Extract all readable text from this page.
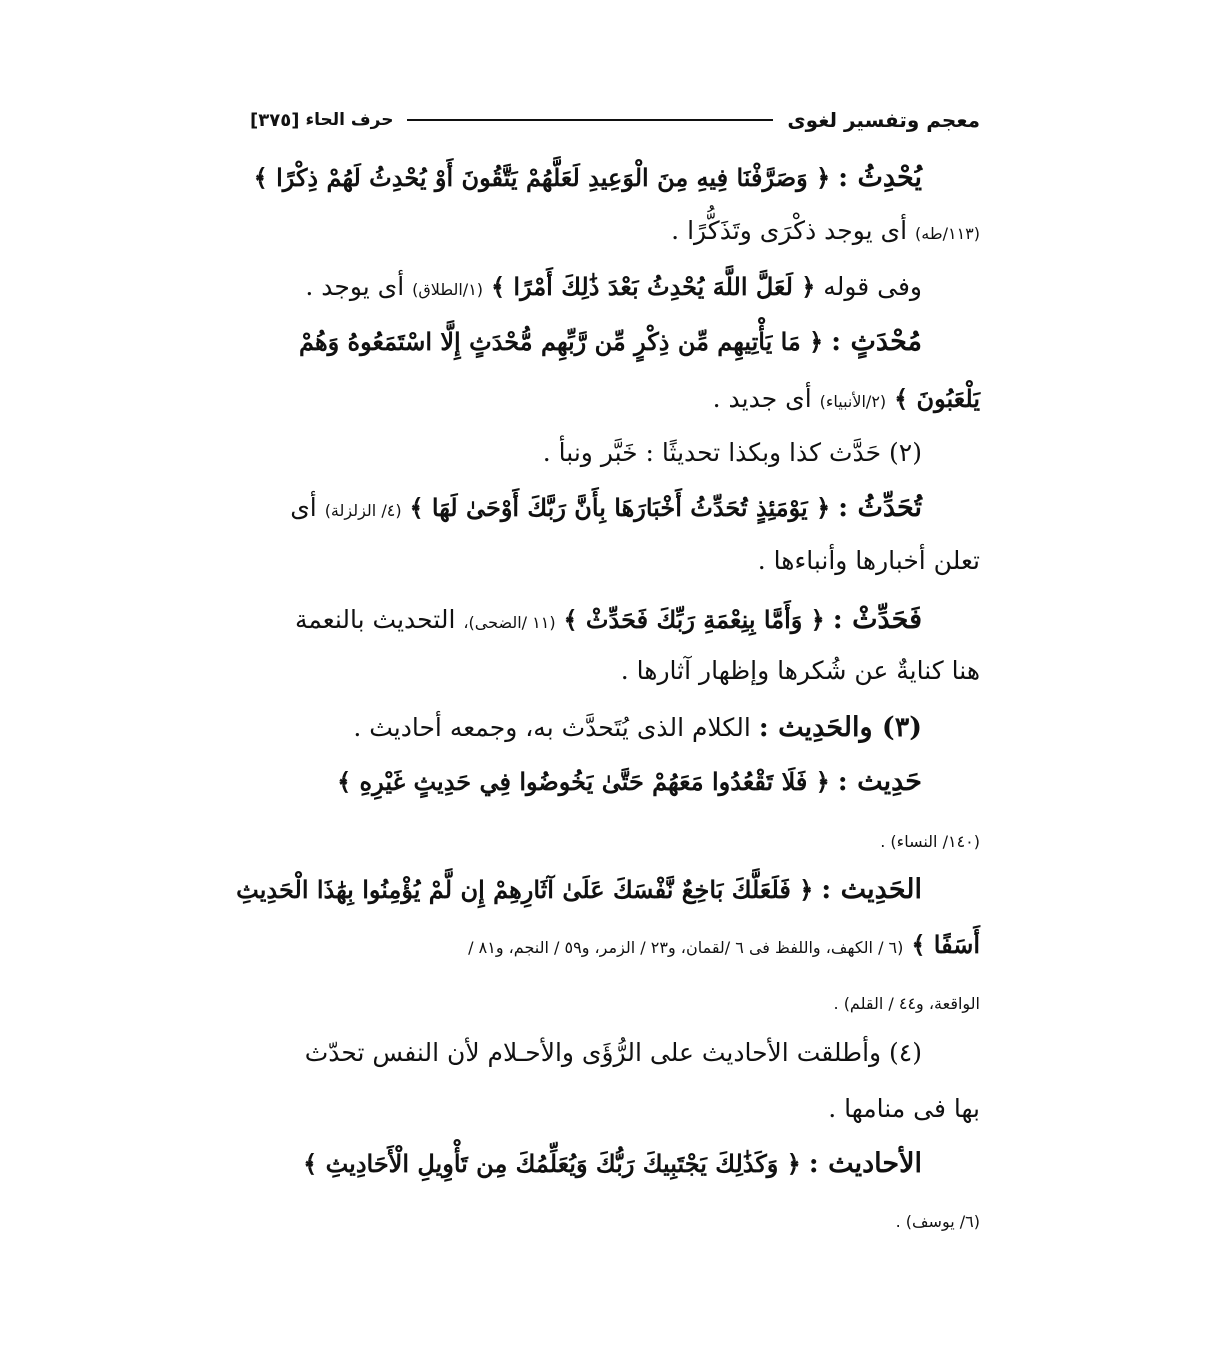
معجم وتفسير لغوى
حرف الحاء
[٣٧٥]
يُحْدِثُ : ﴿ وَصَرَّفْنَا فِيهِ مِنَ الْوَعِيدِ لَعَلَّهُمْ يَتَّقُونَ أَوْ يُحْدِثُ لَهُمْ ذِكْرًا ﴾
(١١٣/طه) أى يوجد ذكْرَى وتَذَكُّرًا .
وفى قوله ﴿ لَعَلَّ اللَّهَ يُحْدِثُ بَعْدَ ذَٰلِكَ أَمْرًا ﴾ (١/الطلاق) أى يوجد .
مُحْدَثٍ : ﴿ مَا يَأْتِيهِم مِّن ذِكْرٍ مِّن رَّبِّهِم مُّحْدَثٍ إِلَّا اسْتَمَعُوهُ وَهُمْ
يَلْعَبُونَ ﴾ (٢/الأنبياء) أى جديد .
(٢) حَدَّث كذا وبكذا تحديثًا : خَبَّر ونبأ .
تُحَدِّثُ : ﴿ يَوْمَئِذٍ تُحَدِّثُ أَخْبَارَهَا بِأَنَّ رَبَّكَ أَوْحَىٰ لَهَا ﴾ (٤/ الزلزلة) أى
تعلن أخبارها وأنباءها .
فَحَدِّثْ : ﴿ وَأَمَّا بِنِعْمَةِ رَبِّكَ فَحَدِّثْ ﴾ (١١ /الضحى)، التحديث بالنعمة
هنا كنايةٌ عن شُكرها وإظهار آثارها .
(٣) والحَدِيث : الكلام الذى يُتَحدَّث به، وجمعه أحاديث .
حَدِيث : ﴿ فَلَا تَقْعُدُوا مَعَهُمْ حَتَّىٰ يَخُوضُوا فِي حَدِيثٍ غَيْرِهِ ﴾
(١٤٠/ النساء) .
الحَدِيث : ﴿ فَلَعَلَّكَ بَاخِعٌ نَّفْسَكَ عَلَىٰ آثَارِهِمْ إِن لَّمْ يُؤْمِنُوا بِهَٰذَا الْحَدِيثِ
أَسَفًا ﴾ (٦ / الكهف، واللفظ فى ٦ /لقمان، و٢٣ / الزمر، و٥٩ / النجم، و٨١ /
الواقعة، و٤٤ / القلم) .
(٤) وأطلقت الأحاديث على الرُّؤَى والأحـلام لأن النفس تحدّث
بها فى منامها .
الأحاديث : ﴿ وَكَذَٰلِكَ يَجْتَبِيكَ رَبُّكَ وَيُعَلِّمُكَ مِن تَأْوِيلِ الْأَحَادِيثِ ﴾
(٦/ يوسف) .
